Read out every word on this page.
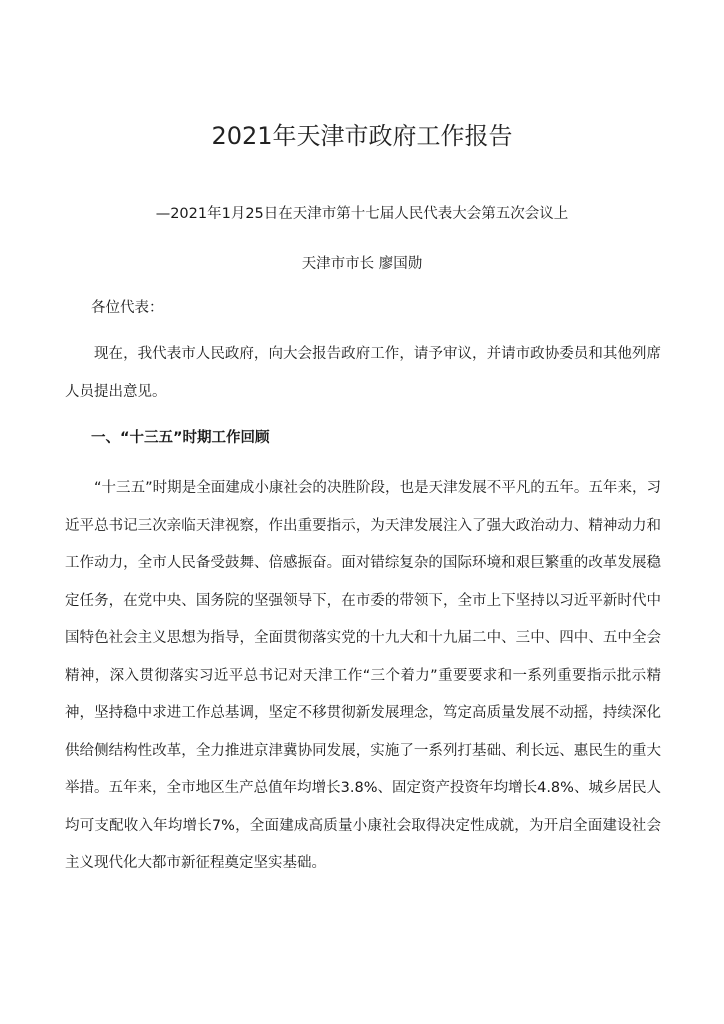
2021年天津市政府工作报告

—2021年1月25日在天津市第十七届人民代表大会第五次会议上

天津市市长 廖国勋

各位代表：

现在，我代表市人民政府，向大会报告政府工作，请予审议，并请市政协委员和其他列席人员提出意见。

一、“十三五”时期工作回顾

“十三五”时期是全面建成小康社会的决胜阶段，也是天津发展不平凡的五年。五年来，习近平总书记三次亲临天津视察，作出重要指示，为天津发展注入了强大政治动力、精神动力和工作动力，全市人民备受鼓舞、倍感振奋。面对错综复杂的国际环境和艰巨繁重的改革发展稳定任务，在党中央、国务院的坚强领导下，在市委的带领下，全市上下坚持以习近平新时代中国特色社会主义思想为指导，全面贯彻落实党的十九大和十九届二中、三中、四中、五中全会精神，深入贯彻落实习近平总书记对天津工作“三个着力”重要要求和一系列重要指示批示精神，坚持稳中求进工作总基调，坚定不移贯彻新发展理念，笃定高质量发展不动摇，持续深化供给侧结构性改革，全力推进京津冀协同发展，实施了一系列打基础、利长远、惠民生的重大举措。五年来，全市地区生产总值年均增长3.8%、固定资产投资年均增长4.8%、城乡居民人均可支配收入年均增长7%，全面建成高质量小康社会取得决定性成就，为开启全面建设社会主义现代化大都市新征程奠定坚实基础。
